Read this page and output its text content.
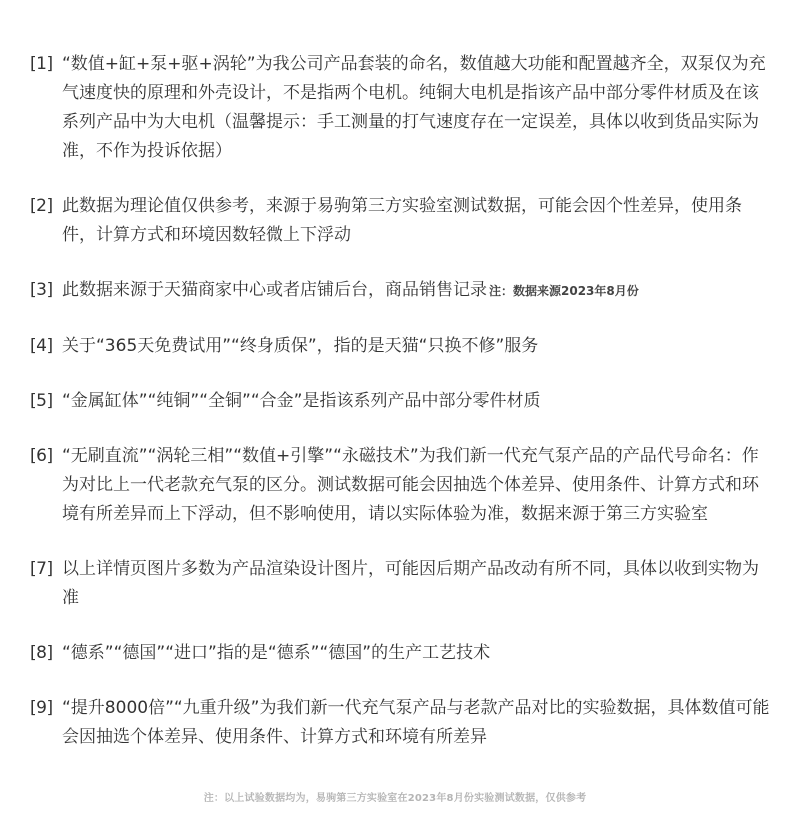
[1] “数值+缸+泵+驱+涡轮”为我公司产品套装的命名，数值越大功能和配置越齐全，双泵仅为充气速度快的原理和外壳设计，不是指两个电机。纯铜大电机是指该产品中部分零件材质及在该系列产品中为大电机（温馨提示：手工测量的打气速度存在一定误差，具体以收到货品实际为准，不作为投诉依据）
[2] 此数据为理论值仅供参考，来源于易驹第三方实验室测试数据，可能会因个性差异，使用条件，计算方式和环境因数轻微上下浮动
[3] 此数据来源于天猫商家中心或者店铺后台，商品销售记录 注：数据来源2023年8月份
[4] 关于“365天免费试用”“终身质保”，指的是天猫“只换不修”服务
[5] “金属缸体”“纯铜”“全铜”“合金”是指该系列产品中部分零件材质
[6] “无刷直流”“涡轮三相”“数值+引擎”“永磁技术”为我们新一代充气泵产品的产品代号命名：作为对比上一代老款充气泵的区分。测试数据可能会因抽选个体差异、使用条件、计算方式和环境有所差异而上下浮动，但不影响使用，请以实际体验为准，数据来源于第三方实验室
[7] 以上详情页图片多数为产品渲染设计图片，可能因后期产品改动有所不同，具体以收到实物为准
[8] “德系”“德国”“进口”指的是“德系”“德国”的生产工艺技术
[9] “提升8000倍”“九重升级”为我们新一代充气泵产品与老款产品对比的实验数据，具体数值可能会因抽选个体差异、使用条件、计算方式和环境有所差异
注：以上试验数据均为，易驹第三方实验室在2023年8月份实验测试数据，仅供参考
